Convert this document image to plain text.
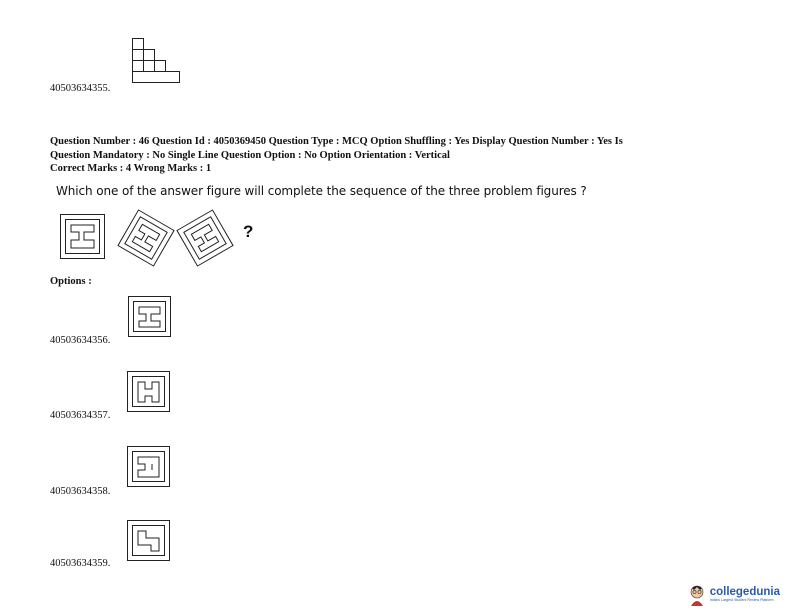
40503634355.
Question Number : 46 Question Id : 4050369450 Question Type : MCQ Option Shuffling : Yes Display Question Number : Yes Is
Question Mandatory : No Single Line Question Option : No Option Orientation : Vertical
Correct Marks : 4 Wrong Marks : 1
Which one of the answer figure will complete the sequence of the three problem figures ?
?
Options :
40503634356.
40503634357.
40503634358.
40503634359.
collegedunia
India's Largest Student Review Platform
